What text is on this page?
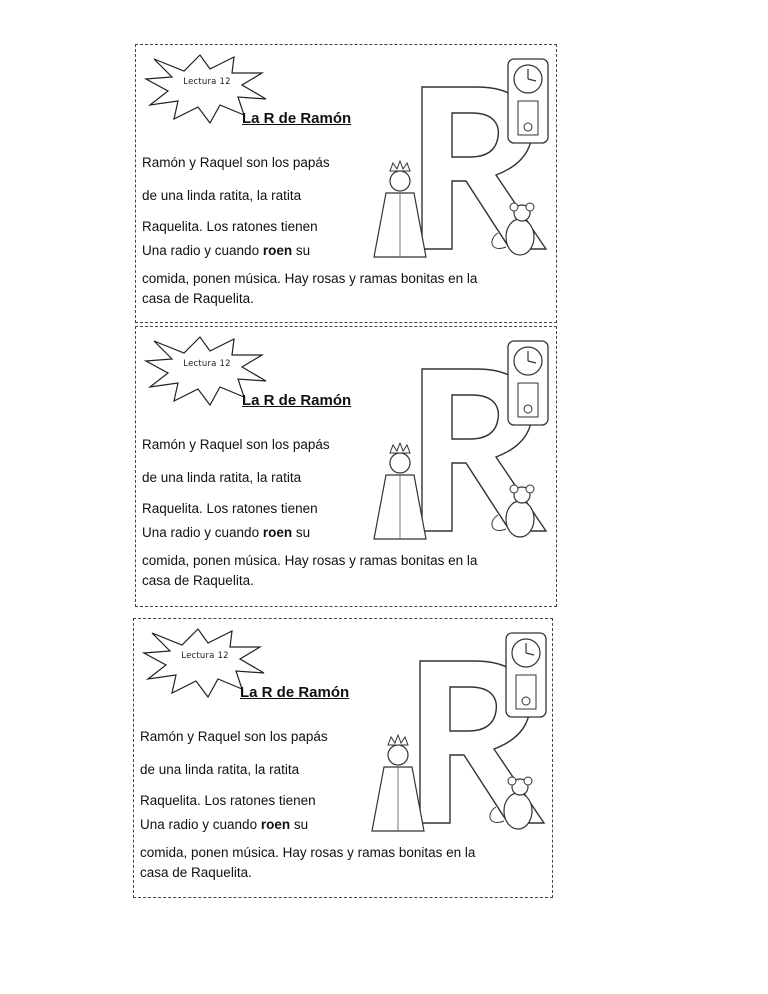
Lectura 12
La R de Ramón
Ramón y Raquel son los papás
de una linda ratita, la ratita
Raquelita. Los ratones tienen
Una radio y cuando roen su
comida, ponen música. Hay rosas y ramas bonitas en la
casa de Raquelita.
Lectura 12
La R de Ramón
Ramón y Raquel son los papás
de una linda ratita, la ratita
Raquelita. Los ratones tienen
Una radio y cuando roen su
comida, ponen música. Hay rosas y ramas bonitas en la
casa de Raquelita.
Lectura 12
La R de Ramón
Ramón y Raquel son los papás
de una linda ratita, la ratita
Raquelita. Los ratones tienen
Una radio y cuando roen su
comida, ponen música. Hay rosas y ramas bonitas en la
casa de Raquelita.
